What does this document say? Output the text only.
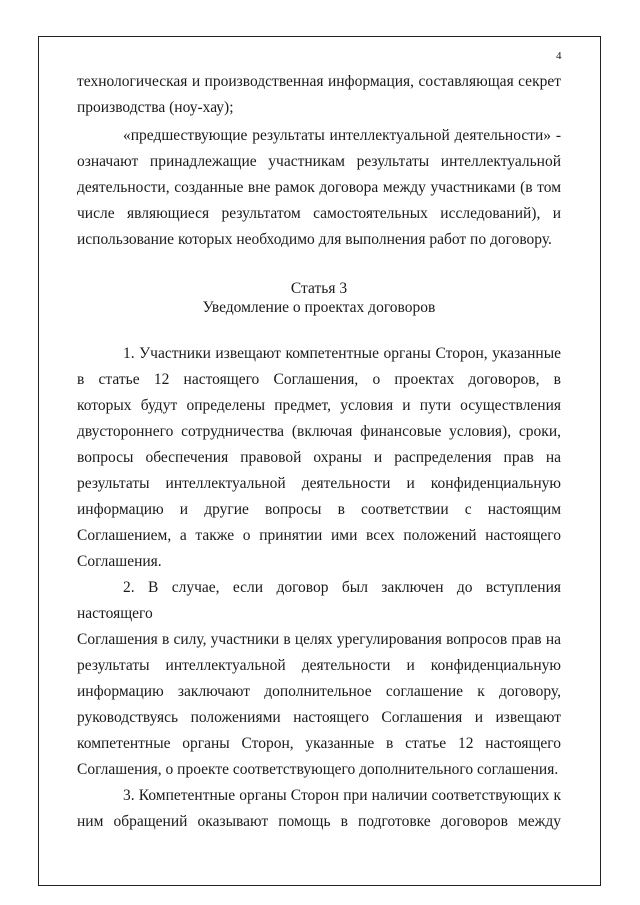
4
технологическая и производственная информация, составляющая секрет
производства (ноу-хау);
«предшествующие результаты интеллектуальной деятельности» -
означают принадлежащие участникам результаты интеллектуальной
деятельности, созданные вне рамок договора между участниками (в том
числе являющиеся результатом самостоятельных исследований), и
использование которых необходимо для выполнения работ по договору.
Статья 3
Уведомление о проектах договоров
1. Участники извещают компетентные органы Сторон, указанные
в статье 12 настоящего Соглашения, о проектах договоров, в
которых будут определены предмет, условия и пути осуществления
двустороннего сотрудничества (включая финансовые условия), сроки,
вопросы обеспечения правовой охраны и распределения прав на
результаты интеллектуальной деятельности и конфиденциальную
информацию и другие вопросы в соответствии с настоящим
Соглашением, а также о принятии ими всех положений настоящего
Соглашения.
2. В случае, если договор был заключен до вступления настоящего
Соглашения в силу, участники в целях урегулирования вопросов прав на
результаты интеллектуальной деятельности и конфиденциальную
информацию заключают дополнительное соглашение к договору,
руководствуясь положениями настоящего Соглашения и извещают
компетентные органы Сторон, указанные в статье 12 настоящего
Соглашения, о проекте соответствующего дополнительного соглашения.
3. Компетентные органы Сторон при наличии соответствующих к
ним обращений оказывают помощь в подготовке договоров между
